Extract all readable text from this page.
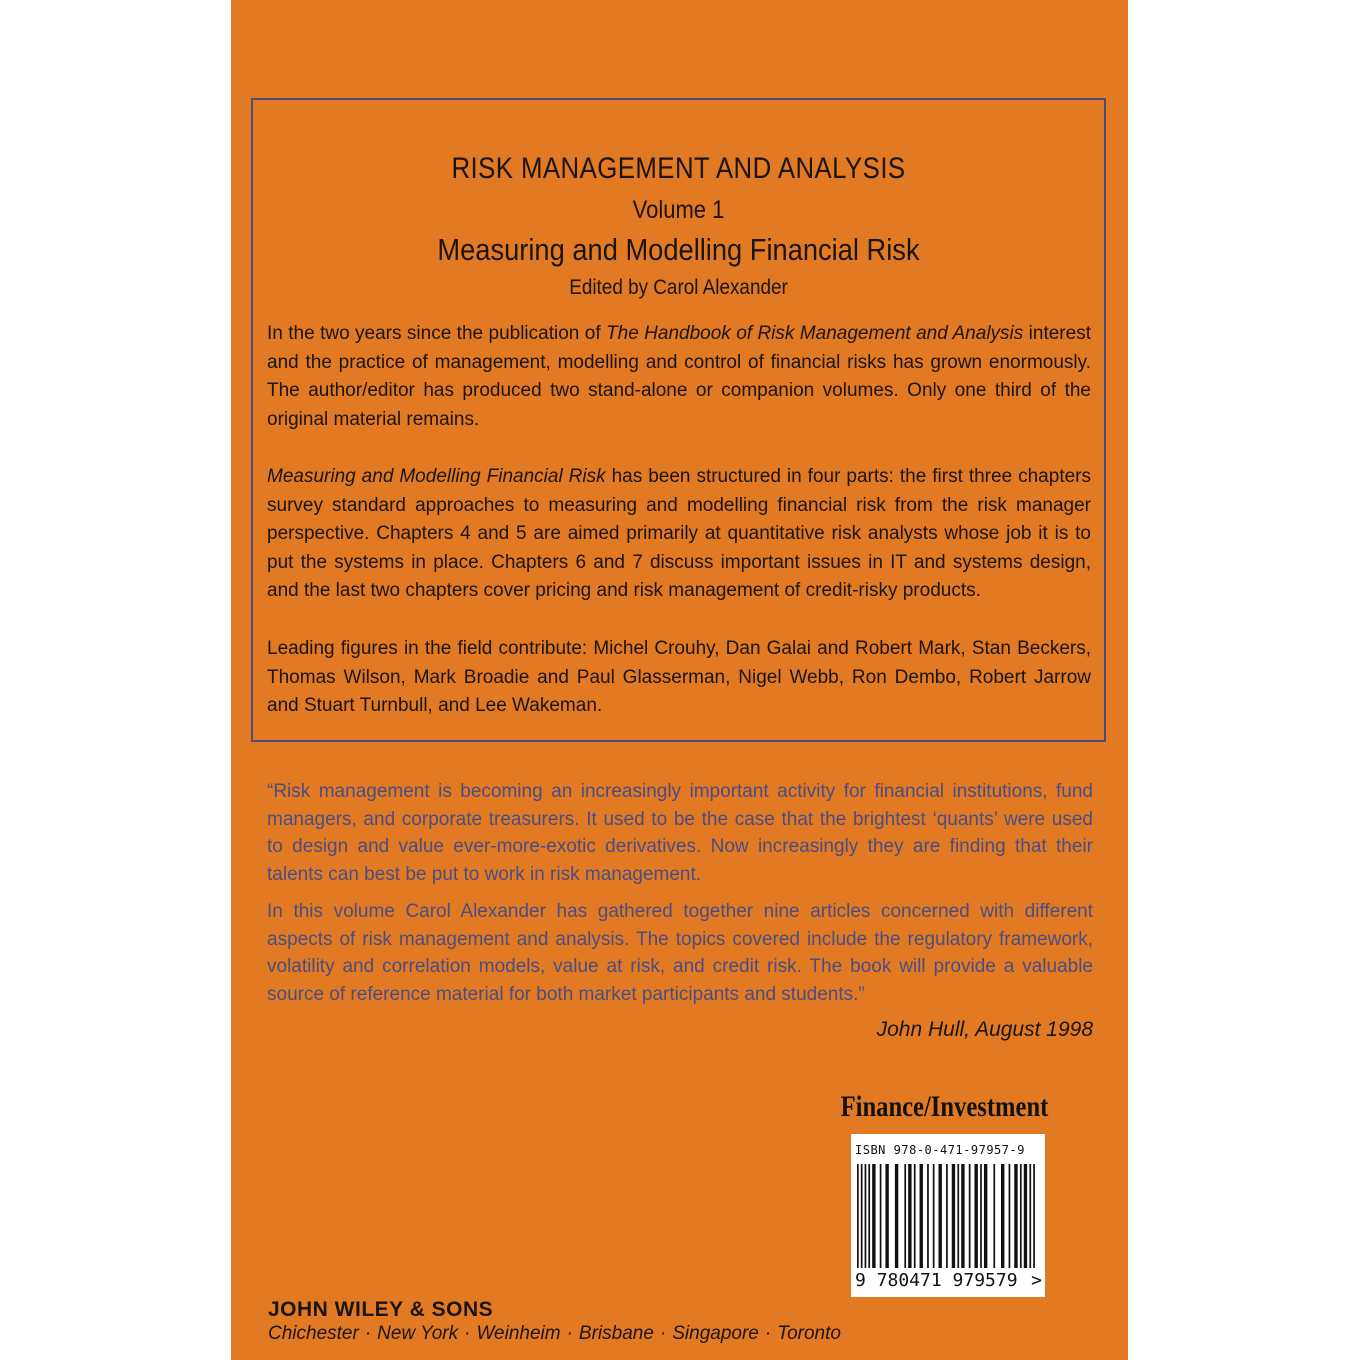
RISK MANAGEMENT AND ANALYSIS
Volume 1
Measuring and Modelling Financial Risk
Edited by Carol Alexander
In the two years since the publication of The Handbook of Risk Management and Analysis interest and the practice of management, modelling and control of financial risks has grown enormously. The author/editor has produced two stand-alone or companion volumes. Only one third of the original material remains.
Measuring and Modelling Financial Risk has been structured in four parts: the first three chapters survey standard approaches to measuring and modelling financial risk from the risk manager perspective. Chapters 4 and 5 are aimed primarily at quantitative risk analysts whose job it is to put the systems in place. Chapters 6 and 7 discuss important issues in IT and systems design, and the last two chapters cover pricing and risk management of credit-risky products.
Leading figures in the field contribute: Michel Crouhy, Dan Galai and Robert Mark, Stan Beckers, Thomas Wilson, Mark Broadie and Paul Glasserman, Nigel Webb, Ron Dembo, Robert Jarrow and Stuart Turnbull, and Lee Wakeman.
“Risk management is becoming an increasingly important activity for financial institutions, fund managers, and corporate treasurers. It used to be the case that the brightest ‘quants’ were used to design and value ever-more-exotic derivatives. Now increasingly they are finding that their talents can best be put to work in risk management.
In this volume Carol Alexander has gathered together nine articles concerned with different aspects of risk management and analysis. The topics covered include the regulatory framework, volatility and correlation models, value at risk, and credit risk. The book will provide a valuable source of reference material for both market participants and students.”
John Hull, August 1998
Finance/Investment
ISBN 978-0-471-97957-9
9 780471 979579 >
JOHN WILEY & SONS
Chichester · New York · Weinheim · Brisbane · Singapore · Toronto
